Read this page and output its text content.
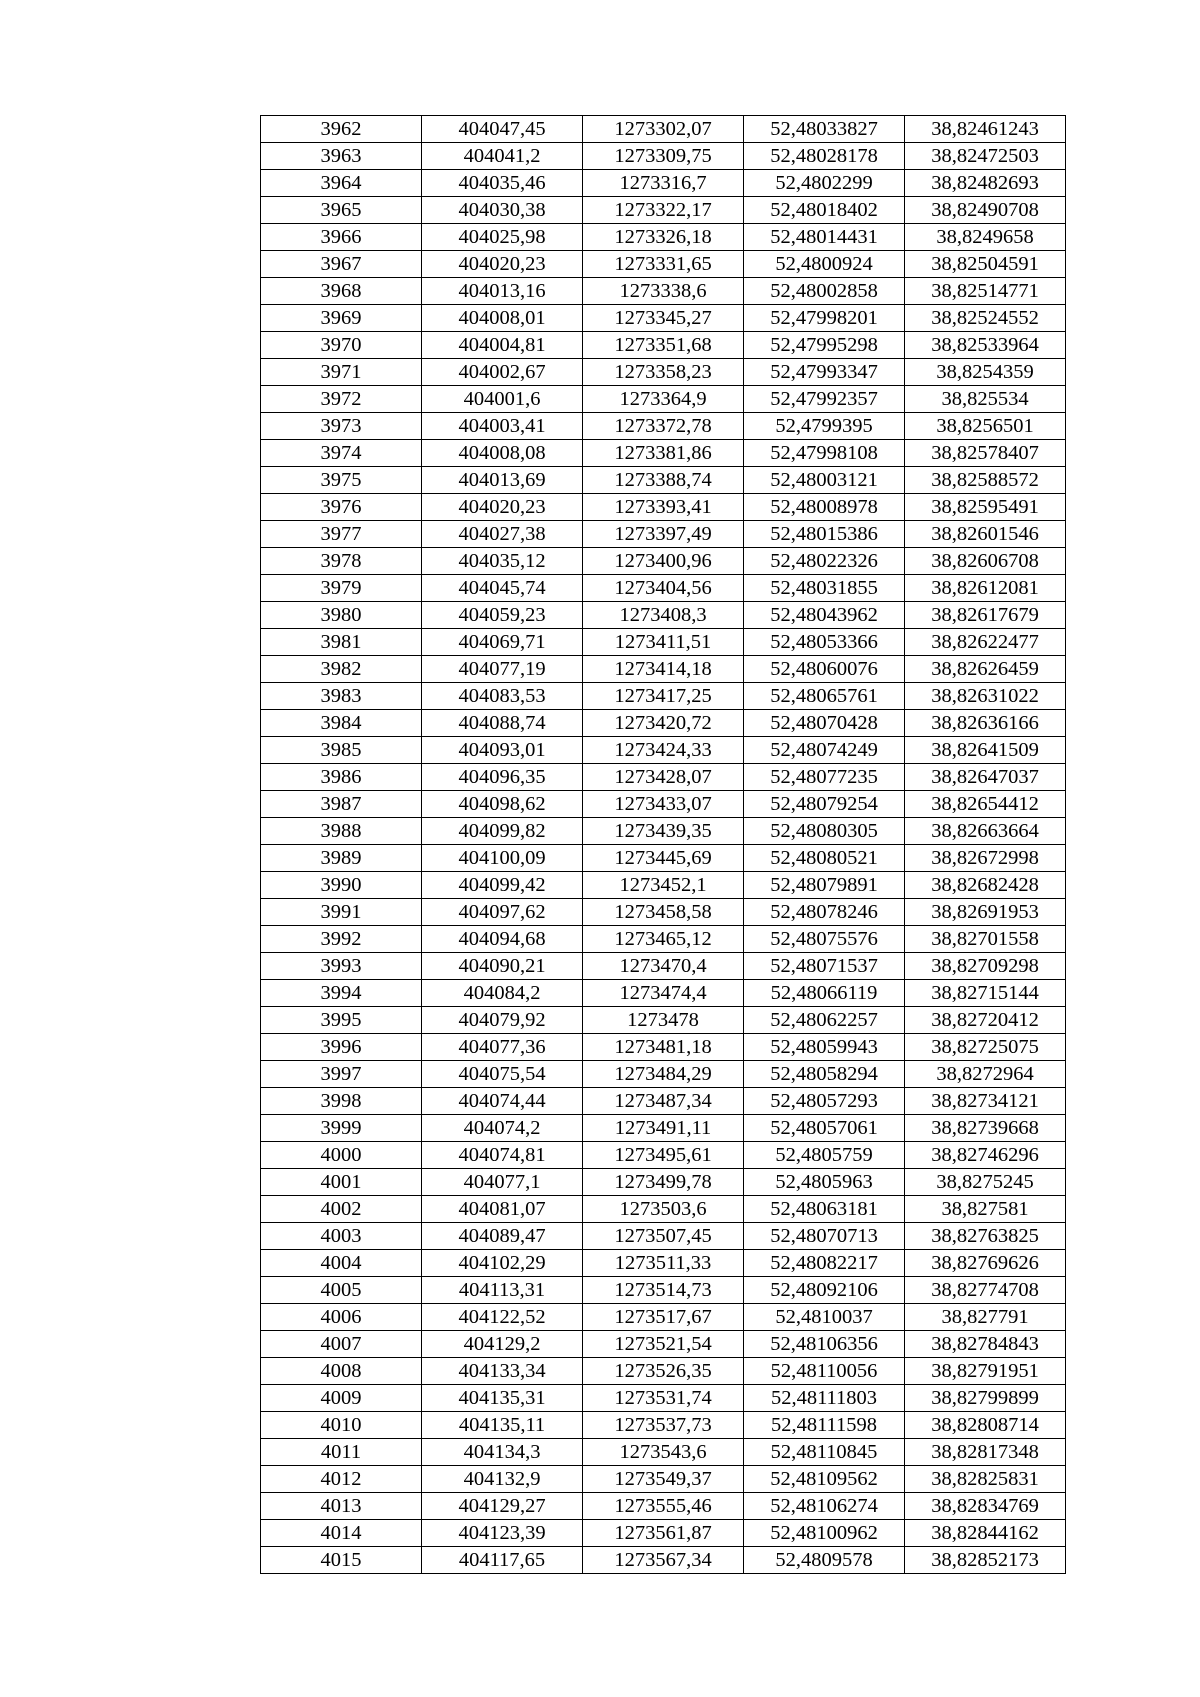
3962	404047,45	1273302,07	52,48033827	38,82461243
3963	404041,2	1273309,75	52,48028178	38,82472503
3964	404035,46	1273316,7	52,4802299	38,82482693
3965	404030,38	1273322,17	52,48018402	38,82490708
3966	404025,98	1273326,18	52,48014431	38,8249658
3967	404020,23	1273331,65	52,4800924	38,82504591
3968	404013,16	1273338,6	52,48002858	38,82514771
3969	404008,01	1273345,27	52,47998201	38,82524552
3970	404004,81	1273351,68	52,47995298	38,82533964
3971	404002,67	1273358,23	52,47993347	38,8254359
3972	404001,6	1273364,9	52,47992357	38,825534
3973	404003,41	1273372,78	52,4799395	38,8256501
3974	404008,08	1273381,86	52,47998108	38,82578407
3975	404013,69	1273388,74	52,48003121	38,82588572
3976	404020,23	1273393,41	52,48008978	38,82595491
3977	404027,38	1273397,49	52,48015386	38,82601546
3978	404035,12	1273400,96	52,48022326	38,82606708
3979	404045,74	1273404,56	52,48031855	38,82612081
3980	404059,23	1273408,3	52,48043962	38,82617679
3981	404069,71	1273411,51	52,48053366	38,82622477
3982	404077,19	1273414,18	52,48060076	38,82626459
3983	404083,53	1273417,25	52,48065761	38,82631022
3984	404088,74	1273420,72	52,48070428	38,82636166
3985	404093,01	1273424,33	52,48074249	38,82641509
3986	404096,35	1273428,07	52,48077235	38,82647037
3987	404098,62	1273433,07	52,48079254	38,82654412
3988	404099,82	1273439,35	52,48080305	38,82663664
3989	404100,09	1273445,69	52,48080521	38,82672998
3990	404099,42	1273452,1	52,48079891	38,82682428
3991	404097,62	1273458,58	52,48078246	38,82691953
3992	404094,68	1273465,12	52,48075576	38,82701558
3993	404090,21	1273470,4	52,48071537	38,82709298
3994	404084,2	1273474,4	52,48066119	38,82715144
3995	404079,92	1273478	52,48062257	38,82720412
3996	404077,36	1273481,18	52,48059943	38,82725075
3997	404075,54	1273484,29	52,48058294	38,8272964
3998	404074,44	1273487,34	52,48057293	38,82734121
3999	404074,2	1273491,11	52,48057061	38,82739668
4000	404074,81	1273495,61	52,4805759	38,82746296
4001	404077,1	1273499,78	52,4805963	38,8275245
4002	404081,07	1273503,6	52,48063181	38,827581
4003	404089,47	1273507,45	52,48070713	38,82763825
4004	404102,29	1273511,33	52,48082217	38,82769626
4005	404113,31	1273514,73	52,48092106	38,82774708
4006	404122,52	1273517,67	52,4810037	38,827791
4007	404129,2	1273521,54	52,48106356	38,82784843
4008	404133,34	1273526,35	52,48110056	38,82791951
4009	404135,31	1273531,74	52,48111803	38,82799899
4010	404135,11	1273537,73	52,48111598	38,82808714
4011	404134,3	1273543,6	52,48110845	38,82817348
4012	404132,9	1273549,37	52,48109562	38,82825831
4013	404129,27	1273555,46	52,48106274	38,82834769
4014	404123,39	1273561,87	52,48100962	38,82844162
4015	404117,65	1273567,34	52,4809578	38,82852173
